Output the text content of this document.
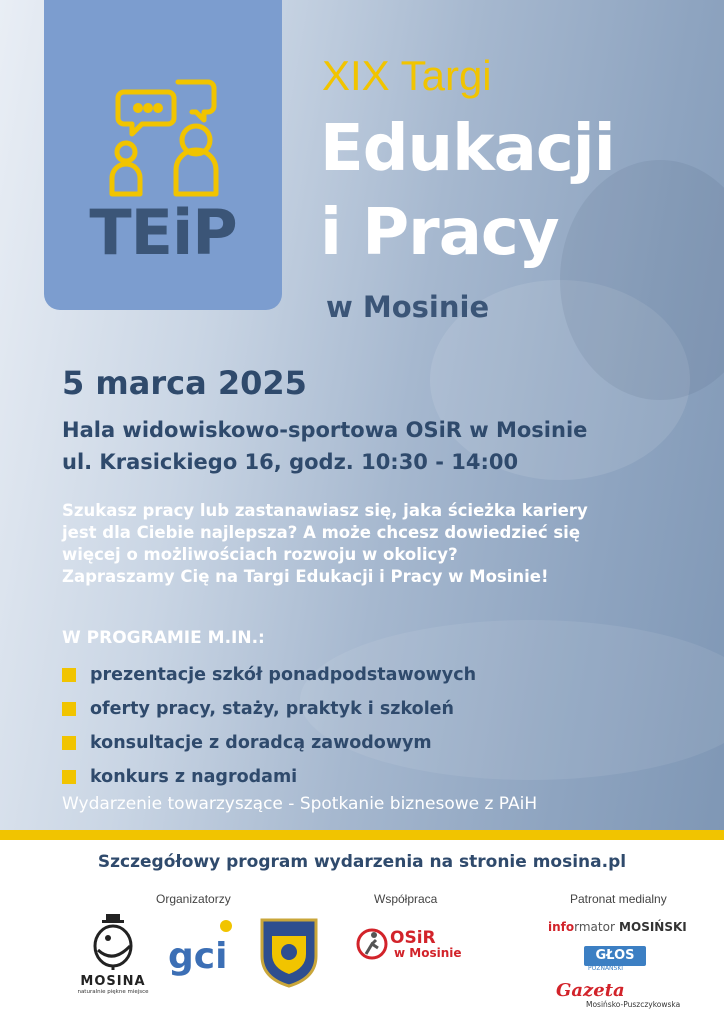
TEiP
XIX Targi
Edukacji
i Pracy
w Mosinie
5 marca 2025
Hala widowiskowo-sportowa OSiR w Mosinie
ul. Krasickiego 16, godz. 10:30 - 14:00

Szukasz pracy lub zastanawiasz się, jaka ścieżka kariery

jest dla Ciebie najlepsza? A może chcesz dowiedzieć się

więcej o możliwościach rozwoju w okolicy?

Zapraszamy Cię na Targi Edukacji i Pracy w Mosinie!

W PROGRAMIE M.IN.:
prezentacje szkół ponadpodstawowych
oferty pracy, staży, praktyk i szkoleń
konsultacje z doradcą zawodowym
konkurs z nagrodami
Wydarzenie towarzyszące - Spotkanie biznesowe z PAiH
Szczegółowy program wydarzenia na stronie mosina.pl
Organizatorzy	Współpraca	Patronat medialny
MOSINA
naturalnie piękne miejsce
gci	OSiR
w Mosinie
informator MOSIŃSKI
GŁOS
POZNAŃSKI
Gazeta
Mosińsko-Puszczykowska
